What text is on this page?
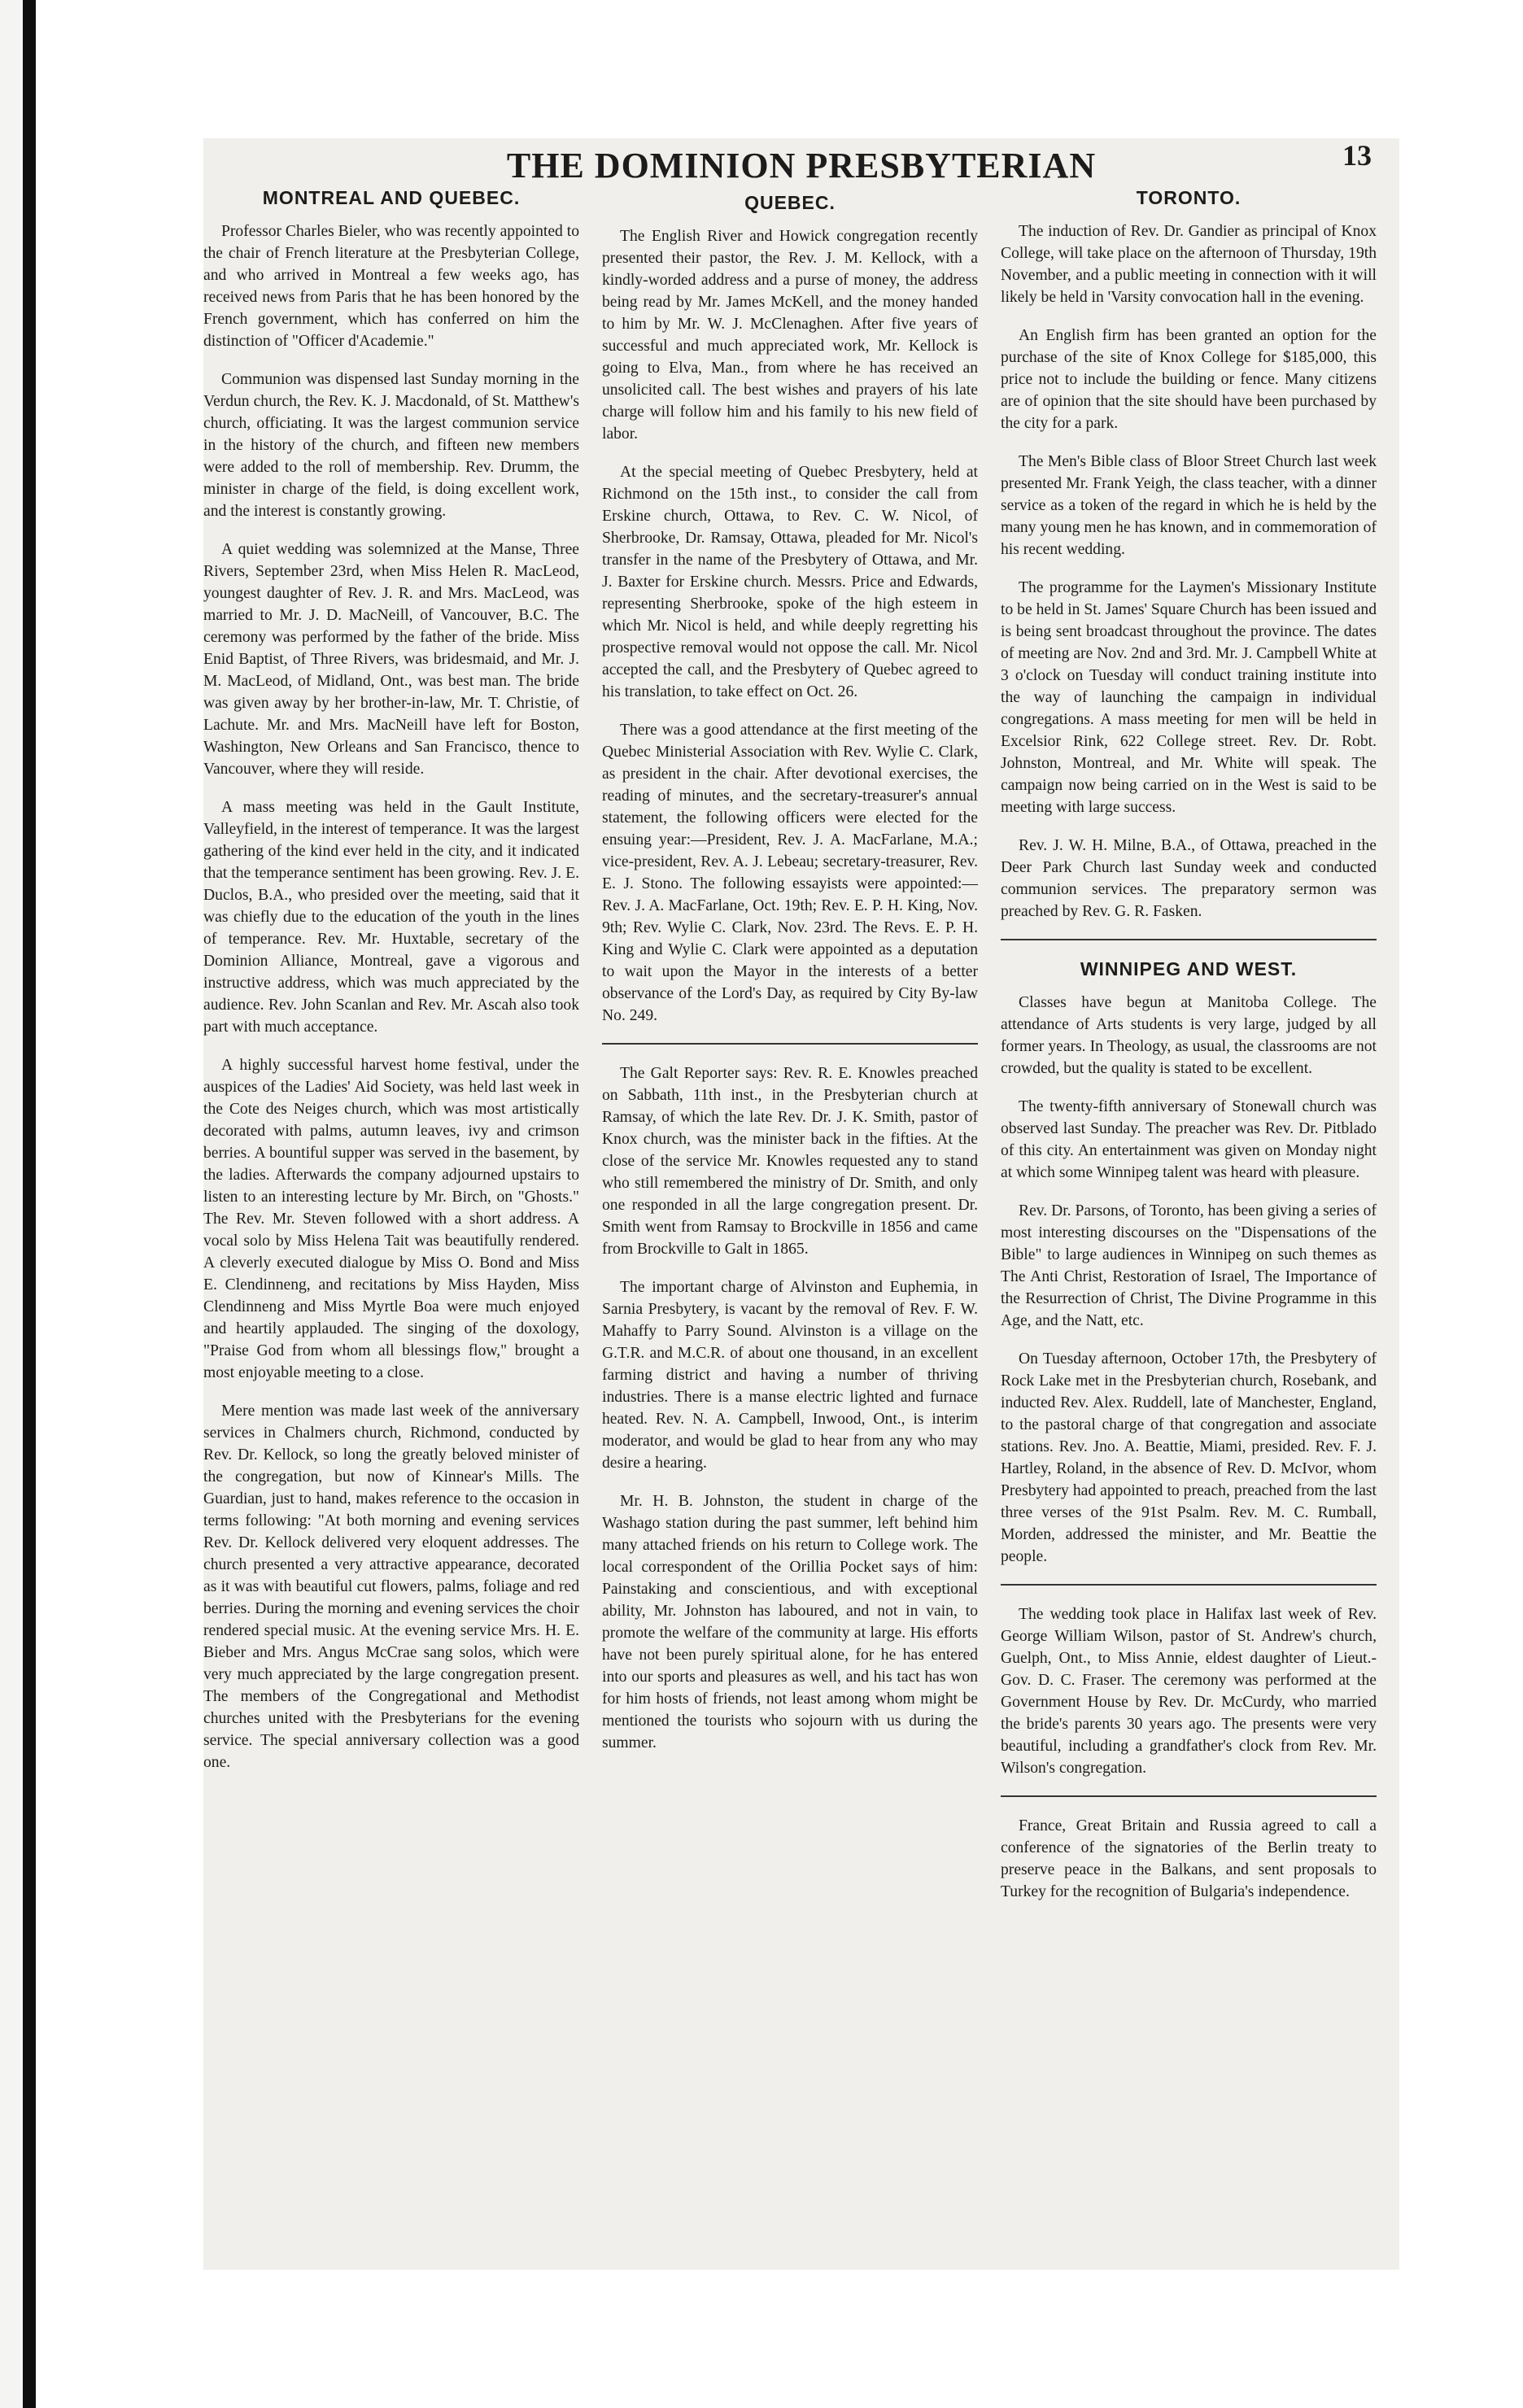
THE DOMINION PRESBYTERIAN	13
MONTREAL AND QUEBEC.

Professor Charles Bieler, who was recently appointed to the chair of French literature at the Presbyterian College, and who arrived in Montreal a few weeks ago, has received news from Paris that he has been honored by the French government, which has conferred on him the distinction of "Officer d'Academie."

Communion was dispensed last Sunday morning in the Verdun church, the Rev. K. J. Macdonald, of St. Matthew's church, officiating. It was the largest communion service in the history of the church, and fifteen new members were added to the roll of membership. Rev. Drumm, the minister in charge of the field, is doing excellent work, and the interest is constantly growing.

A quiet wedding was solemnized at the Manse, Three Rivers, September 23rd, when Miss Helen R. MacLeod, youngest daughter of Rev. J. R. and Mrs. MacLeod, was married to Mr. J. D. MacNeill, of Vancouver, B.C. The ceremony was performed by the father of the bride. Miss Enid Baptist, of Three Rivers, was bridesmaid, and Mr. J. M. MacLeod, of Midland, Ont., was best man. The bride was given away by her brother-in-law, Mr. T. Christie, of Lachute. Mr. and Mrs. MacNeill have left for Boston, Washington, New Orleans and San Francisco, thence to Vancouver, where they will reside.

A mass meeting was held in the Gault Institute, Valleyfield, in the interest of temperance. It was the largest gathering of the kind ever held in the city, and it indicated that the temperance sentiment has been growing. Rev. J. E. Duclos, B.A., who presided over the meeting, said that it was chiefly due to the education of the youth in the lines of temperance. Rev. Mr. Huxtable, secretary of the Dominion Alliance, Montreal, gave a vigorous and instructive address, which was much appreciated by the audience. Rev. John Scanlan and Rev. Mr. Ascah also took part with much acceptance.

A highly successful harvest home festival, under the auspices of the Ladies' Aid Society, was held last week in the Cote des Neiges church, which was most artistically decorated with palms, autumn leaves, ivy and crimson berries. A bountiful supper was served in the basement, by the ladies. Afterwards the company adjourned upstairs to listen to an interesting lecture by Mr. Birch, on "Ghosts." The Rev. Mr. Steven followed with a short address. A vocal solo by Miss Helena Tait was beautifully rendered. A cleverly executed dialogue by Miss O. Bond and Miss E. Clendinneng, and recitations by Miss Hayden, Miss Clendinneng and Miss Myrtle Boa were much enjoyed and heartily applauded. The singing of the doxology, "Praise God from whom all blessings flow," brought a most enjoyable meeting to a close.

Mere mention was made last week of the anniversary services in Chalmers church, Richmond, conducted by Rev. Dr. Kellock, so long the greatly beloved minister of the congregation, but now of Kinnear's Mills. The Guardian, just to hand, makes reference to the occasion in terms following: "At both morning and evening services Rev. Dr. Kellock delivered very eloquent addresses. The church presented a very attractive appearance, decorated as it was with beautiful cut flowers, palms, foliage and red berries. During the morning and evening services the choir rendered special music. At the evening service Mrs. H. E. Bieber and Mrs. Angus McCrae sang solos, which were very much appreciated by the large congregation present. The members of the Congregational and Methodist churches united with the Presbyterians for the evening service. The special anniversary collection was a good one.

QUEBEC.

The English River and Howick congregation recently presented their pastor, the Rev. J. M. Kellock, with a kindly-worded address and a purse of money, the address being read by Mr. James McKell, and the money handed to him by Mr. W. J. McClenaghen. After five years of successful and much appreciated work, Mr. Kellock is going to Elva, Man., from where he has received an unsolicited call. The best wishes and prayers of his late charge will follow him and his family to his new field of labor.

At the special meeting of Quebec Presbytery, held at Richmond on the 15th inst., to consider the call from Erskine church, Ottawa, to Rev. C. W. Nicol, of Sherbrooke, Dr. Ramsay, Ottawa, pleaded for Mr. Nicol's transfer in the name of the Presbytery of Ottawa, and Mr. J. Baxter for Erskine church. Messrs. Price and Edwards, representing Sherbrooke, spoke of the high esteem in which Mr. Nicol is held, and while deeply regretting his prospective removal would not oppose the call. Mr. Nicol accepted the call, and the Presbytery of Quebec agreed to his translation, to take effect on Oct. 26.

There was a good attendance at the first meeting of the Quebec Ministerial Association with Rev. Wylie C. Clark, as president in the chair. After devotional exercises, the reading of minutes, and the secretary-treasurer's annual statement, the following officers were elected for the ensuing year:—President, Rev. J. A. MacFarlane, M.A.; vice-president, Rev. A. J. Lebeau; secretary-treasurer, Rev. E. J. Stono. The following essayists were appointed:—Rev. J. A. MacFarlane, Oct. 19th; Rev. E. P. H. King, Nov. 9th; Rev. Wylie C. Clark, Nov. 23rd. The Revs. E. P. H. King and Wylie C. Clark were appointed as a deputation to wait upon the Mayor in the interests of a better observance of the Lord's Day, as required by City By-law No. 249.

The Galt Reporter says: Rev. R. E. Knowles preached on Sabbath, 11th inst., in the Presbyterian church at Ramsay, of which the late Rev. Dr. J. K. Smith, pastor of Knox church, was the minister back in the fifties. At the close of the service Mr. Knowles requested any to stand who still remembered the ministry of Dr. Smith, and only one responded in all the large congregation present. Dr. Smith went from Ramsay to Brockville in 1856 and came from Brockville to Galt in 1865.

The important charge of Alvinston and Euphemia, in Sarnia Presbytery, is vacant by the removal of Rev. F. W. Mahaffy to Parry Sound. Alvinston is a village on the G.T.R. and M.C.R. of about one thousand, in an excellent farming district and having a number of thriving industries. There is a manse electric lighted and furnace heated. Rev. N. A. Campbell, Inwood, Ont., is interim moderator, and would be glad to hear from any who may desire a hearing.

Mr. H. B. Johnston, the student in charge of the Washago station during the past summer, left behind him many attached friends on his return to College work. The local correspondent of the Orillia Pocket says of him: Painstaking and conscientious, and with exceptional ability, Mr. Johnston has laboured, and not in vain, to promote the welfare of the community at large. His efforts have not been purely spiritual alone, for he has entered into our sports and pleasures as well, and his tact has won for him hosts of friends, not least among whom might be mentioned the tourists who sojourn with us during the summer.

TORONTO.

The induction of Rev. Dr. Gandier as principal of Knox College, will take place on the afternoon of Thursday, 19th November, and a public meeting in connection with it will likely be held in 'Varsity convocation hall in the evening.

An English firm has been granted an option for the purchase of the site of Knox College for $185,000, this price not to include the building or fence. Many citizens are of opinion that the site should have been purchased by the city for a park.

The Men's Bible class of Bloor Street Church last week presented Mr. Frank Yeigh, the class teacher, with a dinner service as a token of the regard in which he is held by the many young men he has known, and in commemoration of his recent wedding.

The programme for the Laymen's Missionary Institute to be held in St. James' Square Church has been issued and is being sent broadcast throughout the province. The dates of meeting are Nov. 2nd and 3rd. Mr. J. Campbell White at 3 o'clock on Tuesday will conduct training institute into the way of launching the campaign in individual congregations. A mass meeting for men will be held in Excelsior Rink, 622 College street. Rev. Dr. Robt. Johnston, Montreal, and Mr. White will speak. The campaign now being carried on in the West is said to be meeting with large success.

Rev. J. W. H. Milne, B.A., of Ottawa, preached in the Deer Park Church last Sunday week and conducted communion services. The preparatory sermon was preached by Rev. G. R. Fasken.

WINNIPEG AND WEST.

Classes have begun at Manitoba College. The attendance of Arts students is very large, judged by all former years. In Theology, as usual, the classrooms are not crowded, but the quality is stated to be excellent.

The twenty-fifth anniversary of Stonewall church was observed last Sunday. The preacher was Rev. Dr. Pitblado of this city. An entertainment was given on Monday night at which some Winnipeg talent was heard with pleasure.

Rev. Dr. Parsons, of Toronto, has been giving a series of most interesting discourses on the "Dispensations of the Bible" to large audiences in Winnipeg on such themes as The Anti Christ, Restoration of Israel, The Importance of the Resurrection of Christ, The Divine Programme in this Age, and the Natt, etc.

On Tuesday afternoon, October 17th, the Presbytery of Rock Lake met in the Presbyterian church, Rosebank, and inducted Rev. Alex. Ruddell, late of Manchester, England, to the pastoral charge of that congregation and associate stations. Rev. Jno. A. Beattie, Miami, presided. Rev. F. J. Hartley, Roland, in the absence of Rev. D. McIvor, whom Presbytery had appointed to preach, preached from the last three verses of the 91st Psalm. Rev. M. C. Rumball, Morden, addressed the minister, and Mr. Beattie the people.

The wedding took place in Halifax last week of Rev. George William Wilson, pastor of St. Andrew's church, Guelph, Ont., to Miss Annie, eldest daughter of Lieut.-Gov. D. C. Fraser. The ceremony was performed at the Government House by Rev. Dr. McCurdy, who married the bride's parents 30 years ago. The presents were very beautiful, including a grandfather's clock from Rev. Mr. Wilson's congregation.

France, Great Britain and Russia agreed to call a conference of the signatories of the Berlin treaty to preserve peace in the Balkans, and sent proposals to Turkey for the recognition of Bulgaria's independence.
